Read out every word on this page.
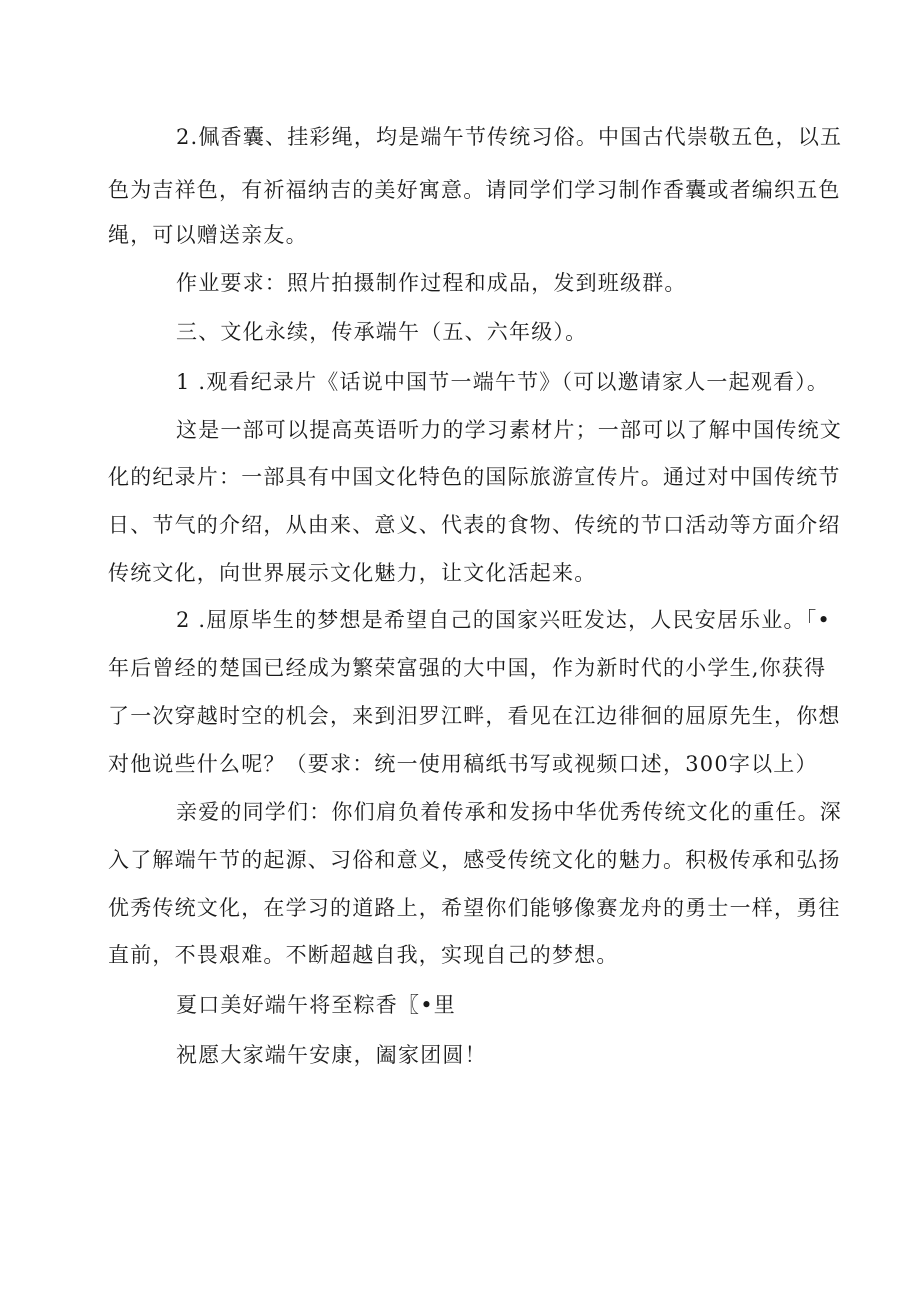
2.佩香囊、挂彩绳，均是端午节传统习俗。中国古代崇敬五色，以五
色为吉祥色，有祈福纳吉的美好寓意。请同学们学习制作香囊或者编织五色
绳，可以赠送亲友。
作业要求：照片拍摄制作过程和成品，发到班级群。
三、文化永续，传承端午（五、六年级）。
1 .观看纪录片《话说中国节一端午节》（可以邀请家人一起观看）。
这是一部可以提高英语听力的学习素材片；一部可以了解中国传统文
化的纪录片：一部具有中国文化特色的国际旅游宣传片。通过对中国传统节
日、节气的介绍，从由来、意义、代表的食物、传统的节口活动等方面介绍
传统文化，向世界展示文化魅力，让文化活起来。
2 .屈原毕生的梦想是希望自己的国家兴旺发达，人民安居乐业。「•
年后曾经的楚国已经成为繁荣富强的大中国，作为新时代的小学生,你获得
了一次穿越时空的机会，来到汨罗江畔，看见在江边徘徊的屈原先生，你想
对他说些什么呢？（要求：统一使用稿纸书写或视频口述，300字以上）
亲爱的同学们：你们肩负着传承和发扬中华优秀传统文化的重任。深
入了解端午节的起源、习俗和意义，感受传统文化的魅力。积极传承和弘扬
优秀传统文化，在学习的道路上，希望你们能够像赛龙舟的勇士一样，勇往
直前，不畏艰难。不断超越自我，实现自己的梦想。
夏口美好端午将至粽香〖•里
祝愿大家端午安康，阖家团圆！
